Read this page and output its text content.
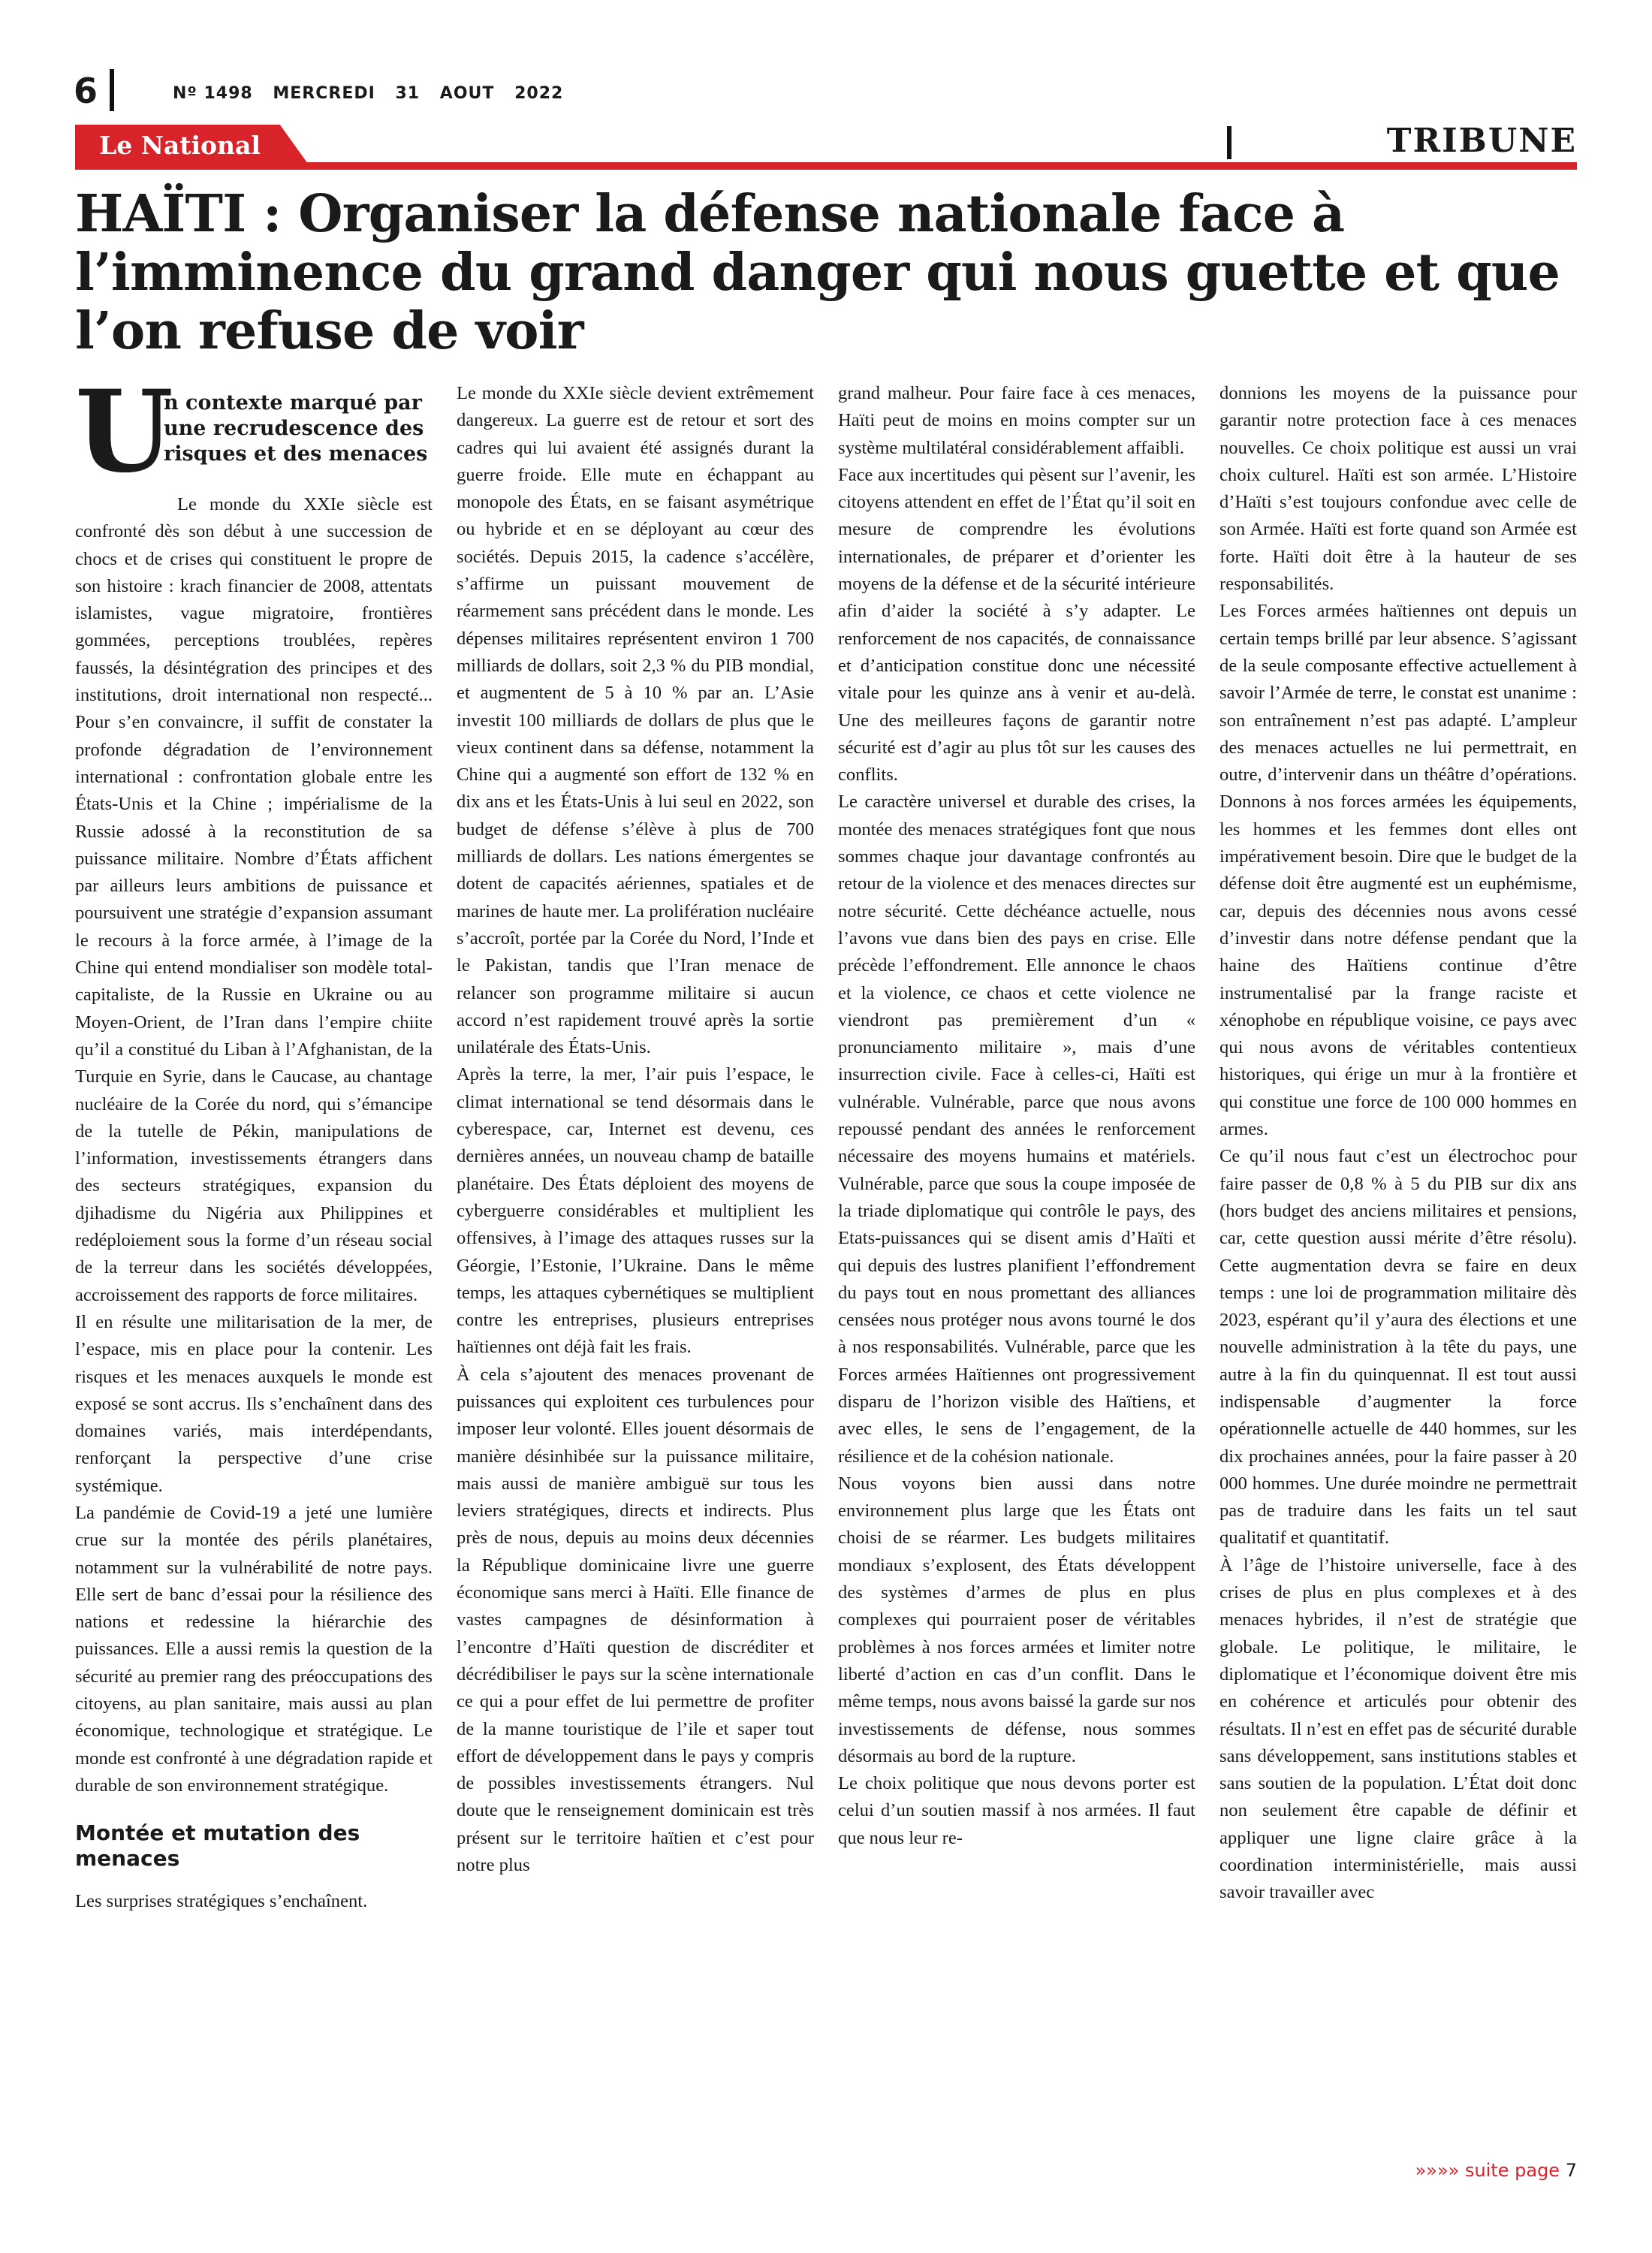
6	Nº 1498 MERCREDI 31 AOUT 2022
Le National	TRIBUNE
HAÏTI : Organiser la défense nationale face à l’imminence du grand danger qui nous guette et que l’on refuse de voir
U
n contexte marqué par une recrudescence des risques et des menaces

Le monde du XXIe siècle est confronté dès son début à une succession de chocs et de crises qui constituent le propre de son histoire : krach financier de 2008, attentats islamistes, vague migratoire, frontières gommées, perceptions troublées, repères faussés, la désintégration des principes et des institutions, droit international non respecté... Pour s’en convaincre, il suffit de constater la profonde dégradation de l’environnement international : confrontation globale entre les États-Unis et la Chine ; impérialisme de la Russie adossé à la reconstitution de sa puissance militaire. Nombre d’États affichent par ailleurs leurs ambitions de puissance et poursuivent une stratégie d’expansion assumant le recours à la force armée, à l’image de la Chine qui entend mondialiser son modèle total-capitaliste, de la Russie en Ukraine ou au Moyen-Orient, de l’Iran dans l’empire chiite qu’il a constitué du Liban à l’Afghanistan, de la Turquie en Syrie, dans le Caucase, au chantage nucléaire de la Corée du nord, qui s’émancipe de la tutelle de Pékin, manipulations de l’information, investissements étrangers dans des secteurs stratégiques, expansion du djihadisme du Nigéria aux Philippines et redéploiement sous la forme d’un réseau social de la terreur dans les sociétés développées, accroissement des rapports de force militaires.

Il en résulte une militarisation de la mer, de l’espace, mis en place pour la contenir. Les risques et les menaces auxquels le monde est exposé se sont accrus. Ils s’enchaînent dans des domaines variés, mais interdépendants, renforçant la perspective d’une crise systémique.

La pandémie de Covid-19 a jeté une lumière crue sur la montée des périls planétaires, notamment sur la vulnérabilité de notre pays. Elle sert de banc d’essai pour la résilience des nations et redessine la hiérarchie des puissances. Elle a aussi remis la question de la sécurité au premier rang des préoccupations des citoyens, au plan sanitaire, mais aussi au plan économique, technologique et stratégique. Le monde est confronté à une dégradation rapide et durable de son environnement stratégique.

Montée et mutation des menaces

Les surprises stratégiques s’enchaînent.

Le monde du XXIe siècle devient extrêmement dangereux. La guerre est de retour et sort des cadres qui lui avaient été assignés durant la guerre froide. Elle mute en échappant au monopole des États, en se faisant asymétrique ou hybride et en se déployant au cœur des sociétés. Depuis 2015, la cadence s’accélère, s’affirme un puissant mouvement de réarmement sans précédent dans le monde. Les dépenses militaires représentent environ 1 700 milliards de dollars, soit 2,3 % du PIB mondial, et augmentent de 5 à 10 % par an. L’Asie investit 100 milliards de dollars de plus que le vieux continent dans sa défense, notamment la Chine qui a augmenté son effort de 132 % en dix ans et les États-Unis à lui seul en 2022, son budget de défense s’élève à plus de 700 milliards de dollars. Les nations émergentes se dotent de capacités aériennes, spatiales et de marines de haute mer. La prolifération nucléaire s’accroît, portée par la Corée du Nord, l’Inde et le Pakistan, tandis que l’Iran menace de relancer son programme militaire si aucun accord n’est rapidement trouvé après la sortie unilatérale des États-Unis.

Après la terre, la mer, l’air puis l’espace, le climat international se tend désormais dans le cyberespace, car, Internet est devenu, ces dernières années, un nouveau champ de bataille planétaire. Des États déploient des moyens de cyberguerre considérables et multiplient les offensives, à l’image des attaques russes sur la Géorgie, l’Estonie, l’Ukraine. Dans le même temps, les attaques cybernétiques se multiplient contre les entreprises, plusieurs entreprises haïtiennes ont déjà fait les frais.

À cela s’ajoutent des menaces provenant de puissances qui exploitent ces turbulences pour imposer leur volonté. Elles jouent désormais de manière désinhibée sur la puissance militaire, mais aussi de manière ambiguë sur tous les leviers stratégiques, directs et indirects. Plus près de nous, depuis au moins deux décennies la République dominicaine livre une guerre économique sans merci à Haïti. Elle finance de vastes campagnes de désinformation à l’encontre d’Haïti question de discréditer et décrédibiliser le pays sur la scène internationale ce qui a pour effet de lui permettre de profiter de la manne touristique de l’ile et saper tout effort de développement dans le pays y compris de possibles investissements étrangers. Nul doute que le renseignement dominicain est très présent sur le territoire haïtien et c’est pour notre plus

grand malheur. Pour faire face à ces menaces, Haïti peut de moins en moins compter sur un système multilatéral considérablement affaibli.

Face aux incertitudes qui pèsent sur l’avenir, les citoyens attendent en effet de l’État qu’il soit en mesure de comprendre les évolutions internationales, de préparer et d’orienter les moyens de la défense et de la sécurité intérieure afin d’aider la société à s’y adapter. Le renforcement de nos capacités, de connaissance et d’anticipation constitue donc une nécessité vitale pour les quinze ans à venir et au-delà. Une des meilleures façons de garantir notre sécurité est d’agir au plus tôt sur les causes des conflits.

Le caractère universel et durable des crises, la montée des menaces stratégiques font que nous sommes chaque jour davantage confrontés au retour de la violence et des menaces directes sur notre sécurité. Cette déchéance actuelle, nous l’avons vue dans bien des pays en crise. Elle précède l’effondrement. Elle annonce le chaos et la violence, ce chaos et cette violence ne viendront pas premièrement d’un « pronunciamento militaire », mais d’une insurrection civile. Face à celles-ci, Haïti est vulnérable. Vulnérable, parce que nous avons repoussé pendant des années le renforcement nécessaire des moyens humains et matériels. Vulnérable, parce que sous la coupe imposée de la triade diplomatique qui contrôle le pays, des Etats-puissances qui se disent amis d’Haïti et qui depuis des lustres planifient l’effondrement du pays tout en nous promettant des alliances censées nous protéger nous avons tourné le dos à nos responsabilités. Vulnérable, parce que les Forces armées Haïtiennes ont progressivement disparu de l’horizon visible des Haïtiens, et avec elles, le sens de l’engagement, de la résilience et de la cohésion nationale.

Nous voyons bien aussi dans notre environnement plus large que les États ont choisi de se réarmer. Les budgets militaires mondiaux s’explosent, des États développent des systèmes d’armes de plus en plus complexes qui pourraient poser de véritables problèmes à nos forces armées et limiter notre liberté d’action en cas d’un conflit. Dans le même temps, nous avons baissé la garde sur nos investissements de défense, nous sommes désormais au bord de la rupture.

Le choix politique que nous devons porter est celui d’un soutien massif à nos armées. Il faut que nous leur re-

donnions les moyens de la puissance pour garantir notre protection face à ces menaces nouvelles. Ce choix politique est aussi un vrai choix culturel. Haïti est son armée. L’Histoire d’Haïti s’est toujours confondue avec celle de son Armée. Haïti est forte quand son Armée est forte. Haïti doit être à la hauteur de ses responsabilités.

Les Forces armées haïtiennes ont depuis un certain temps brillé par leur absence. S’agissant de la seule composante effective actuellement à savoir l’Armée de terre, le constat est unanime : son entraînement n’est pas adapté. L’ampleur des menaces actuelles ne lui permettrait, en outre, d’intervenir dans un théâtre d’opérations. Donnons à nos forces armées les équipements, les hommes et les femmes dont elles ont impérativement besoin. Dire que le budget de la défense doit être augmenté est un euphémisme, car, depuis des décennies nous avons cessé d’investir dans notre défense pendant que la haine des Haïtiens continue d’être instrumentalisé par la frange raciste et xénophobe en république voisine, ce pays avec qui nous avons de véritables contentieux historiques, qui érige un mur à la frontière et qui constitue une force de 100 000 hommes en armes.

Ce qu’il nous faut c’est un électrochoc pour faire passer de 0,8 % à 5 du PIB sur dix ans (hors budget des anciens militaires et pensions, car, cette question aussi mérite d’être résolu). Cette augmentation devra se faire en deux temps : une loi de programmation militaire dès 2023, espérant qu’il y’aura des élections et une nouvelle administration à la tête du pays, une autre à la fin du quinquennat. Il est tout aussi indispensable d’augmenter la force opérationnelle actuelle de 440 hommes, sur les dix prochaines années, pour la faire passer à 20 000 hommes. Une durée moindre ne permettrait pas de traduire dans les faits un tel saut qualitatif et quantitatif.

À l’âge de l’histoire universelle, face à des crises de plus en plus complexes et à des menaces hybrides, il n’est de stratégie que globale. Le politique, le militaire, le diplomatique et l’économique doivent être mis en cohérence et articulés pour obtenir des résultats. Il n’est en effet pas de sécurité durable sans développement, sans institutions stables et sans soutien de la population. L’État doit donc non seulement être capable de définir et appliquer une ligne claire grâce à la coordination interministérielle, mais aussi savoir travailler avec

»»»» suite page 7
